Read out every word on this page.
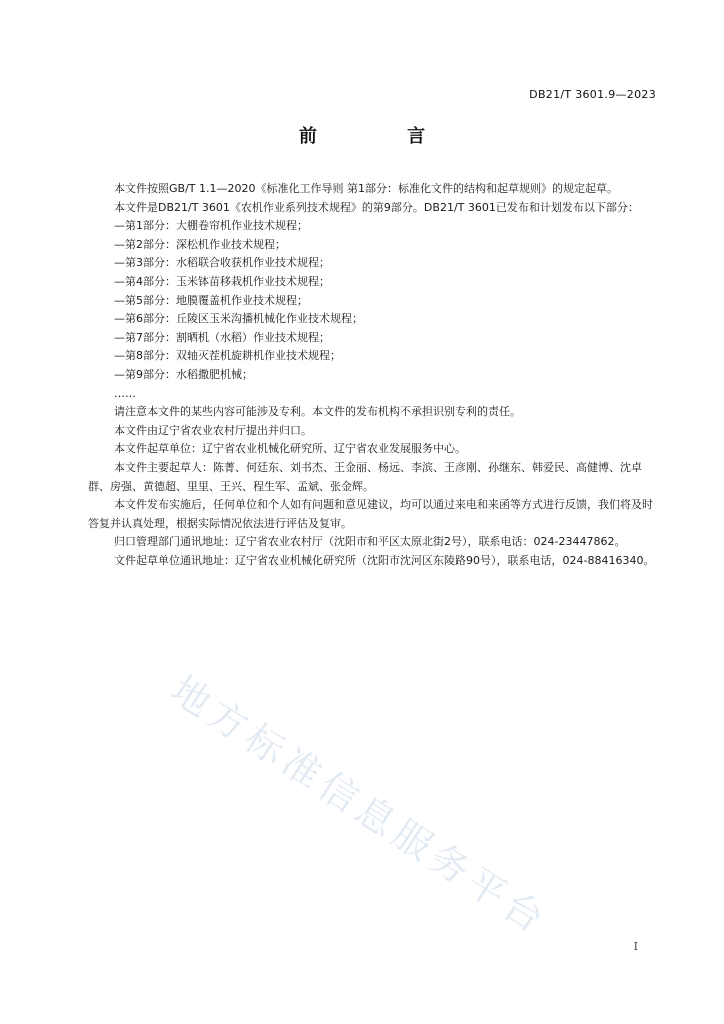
DB21/T 3601.9—2023
前 言

本文件按照GB/T 1.1—2020《标准化工作导则 第1部分：标准化文件的结构和起草规则》的规定起草。

本文件是DB21/T 3601《农机作业系列技术规程》的第9部分。DB21/T 3601已发布和计划发布以下部分：

—第1部分：大棚卷帘机作业技术规程；

—第2部分：深松机作业技术规程；

—第3部分：水稻联合收获机作业技术规程；

—第4部分：玉米钵苗移栽机作业技术规程；

—第5部分：地膜覆盖机作业技术规程；

—第6部分：丘陵区玉米沟播机械化作业技术规程；

—第7部分：割晒机（水稻）作业技术规程；

—第8部分：双轴灭茬机旋耕机作业技术规程；

—第9部分：水稻撒肥机械；

……

请注意本文件的某些内容可能涉及专利。本文件的发布机构不承担识别专利的责任。

本文件由辽宁省农业农村厅提出并归口。

本文件起草单位：辽宁省农业机械化研究所、辽宁省农业发展服务中心。

本文件主要起草人：陈菁、何廷东、刘书杰、王金丽、杨远、李滨、王彦刚、孙继东、韩爱民、高健博、沈卓群、房强、黄德超、里里、王兴、程生军、孟斌、张金辉。

本文件发布实施后，任何单位和个人如有问题和意见建议，均可以通过来电和来函等方式进行反馈，我们将及时答复并认真处理，根据实际情况依法进行评估及复审。

归口管理部门通讯地址：辽宁省农业农村厅（沈阳市和平区太原北街2号），联系电话：024-23447862。

文件起草单位通讯地址：辽宁省农业机械化研究所（沈阳市沈河区东陵路90号），联系电话，024-88416340。

地方标准信息服务平台
I
